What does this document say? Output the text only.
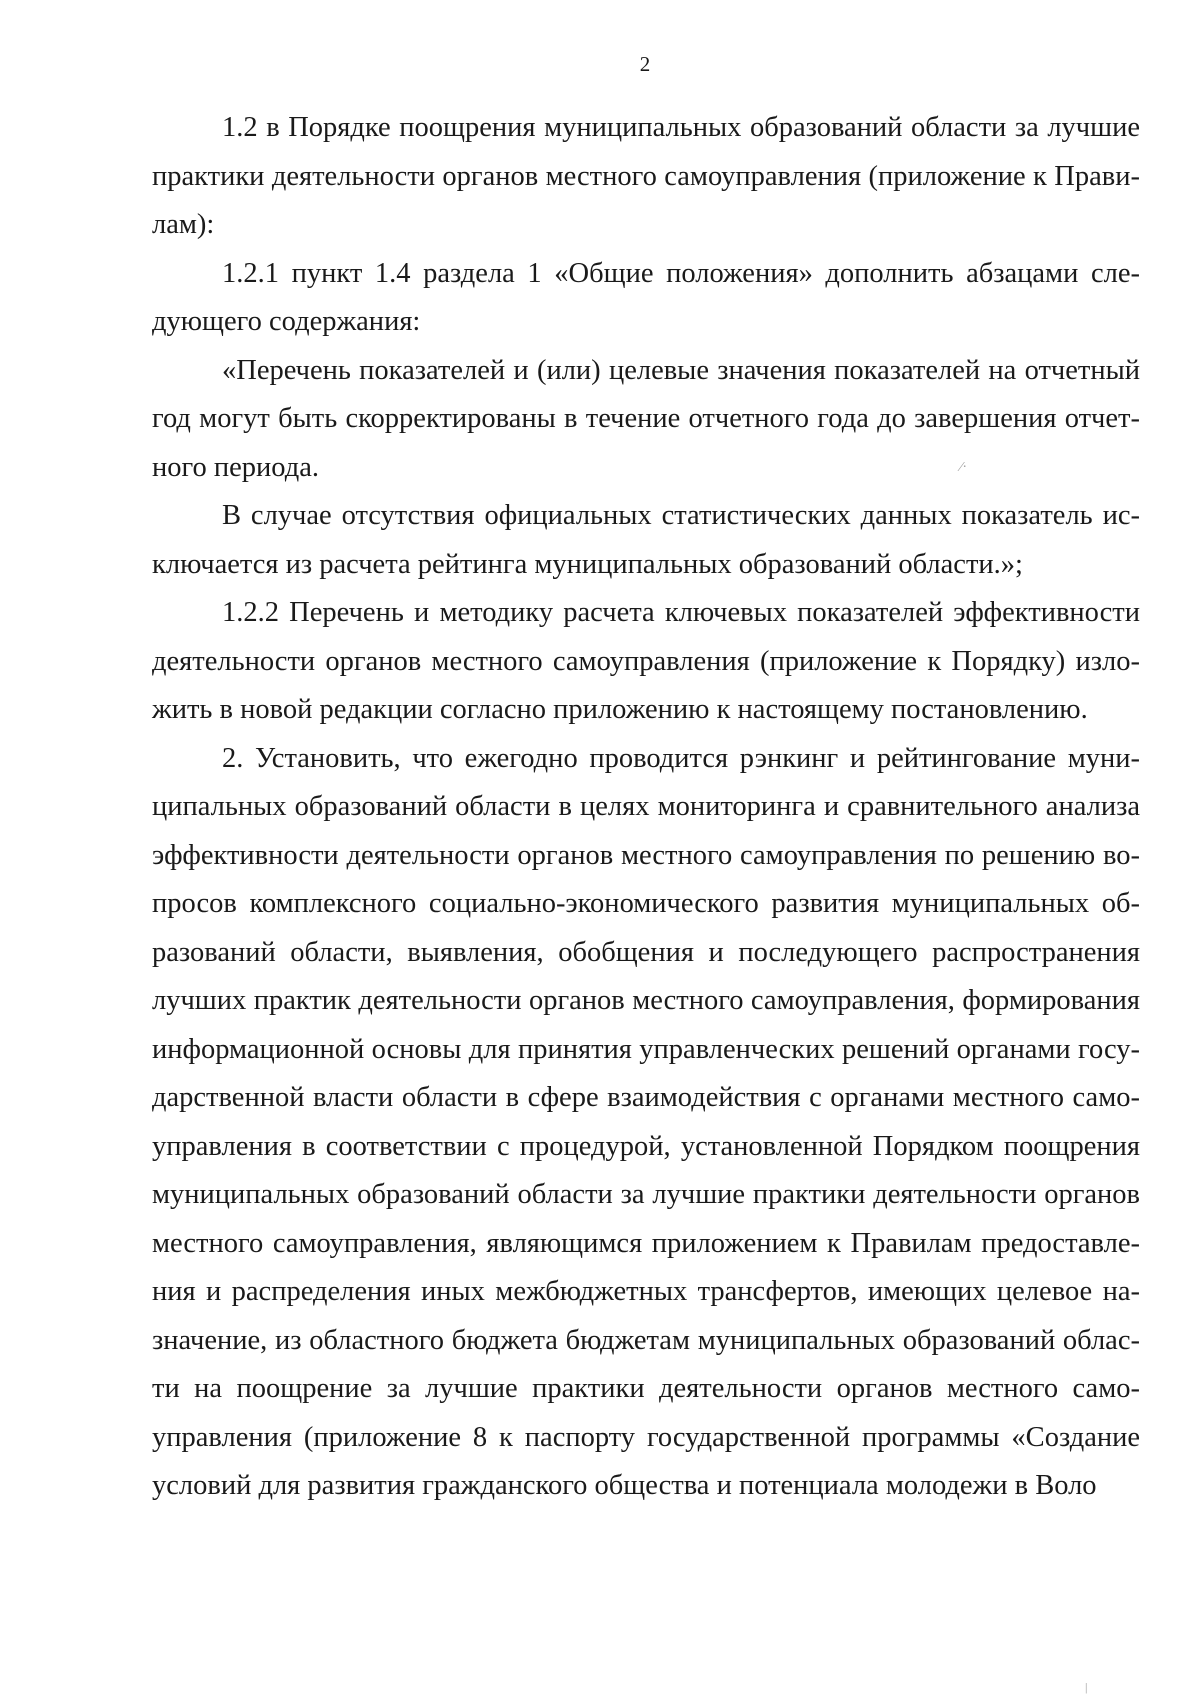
2

1.2 в Порядке поощрения муниципальных образований области за лучшие практики деятельности органов местного самоуправления (приложение к Правилам):

1.2.1 пункт 1.4 раздела 1 «Общие положения» дополнить абзацами следующего содержания:

«Перечень показателей и (или) целевые значения показателей на отчетный год могут быть скорректированы в течение отчетного года до завершения отчетного периода.

В случае отсутствия официальных статистических данных показатель исключается из расчета рейтинга муниципальных образований области.»;

1.2.2 Перечень и методику расчета ключевых показателей эффективности деятельности органов местного самоуправления (приложение к Порядку) изложить в новой редакции согласно приложению к настоящему постановлению.

2. Установить, что ежегодно проводится рэнкинг и рейтингование муниципальных образований области в целях мониторинга и сравнительного анализа эффективности деятельности органов местного самоуправления по решению вопросов комплексного социально-экономического развития муниципальных образований области, выявления, обобщения и последующего распространения лучших практик деятельности органов местного самоуправления, формирования информационной основы для принятия управленческих решений органами государственной власти области в сфере взаимодействия с органами местного самоуправления в соответствии с процедурой, установленной Порядком поощрения муниципальных образований области за лучшие практики деятельности органов местного самоуправления, являющимся приложением к Правилам предоставления и распределения иных межбюджетных трансфертов, имеющих целевое назначение, из областного бюджета бюджетам муниципальных образований области на поощрение за лучшие практики деятельности органов местного самоуправления (приложение 8 к паспорту государственной программы «Создание условий для развития гражданского общества и потенциала молодежи в Воло

⁄·
|
